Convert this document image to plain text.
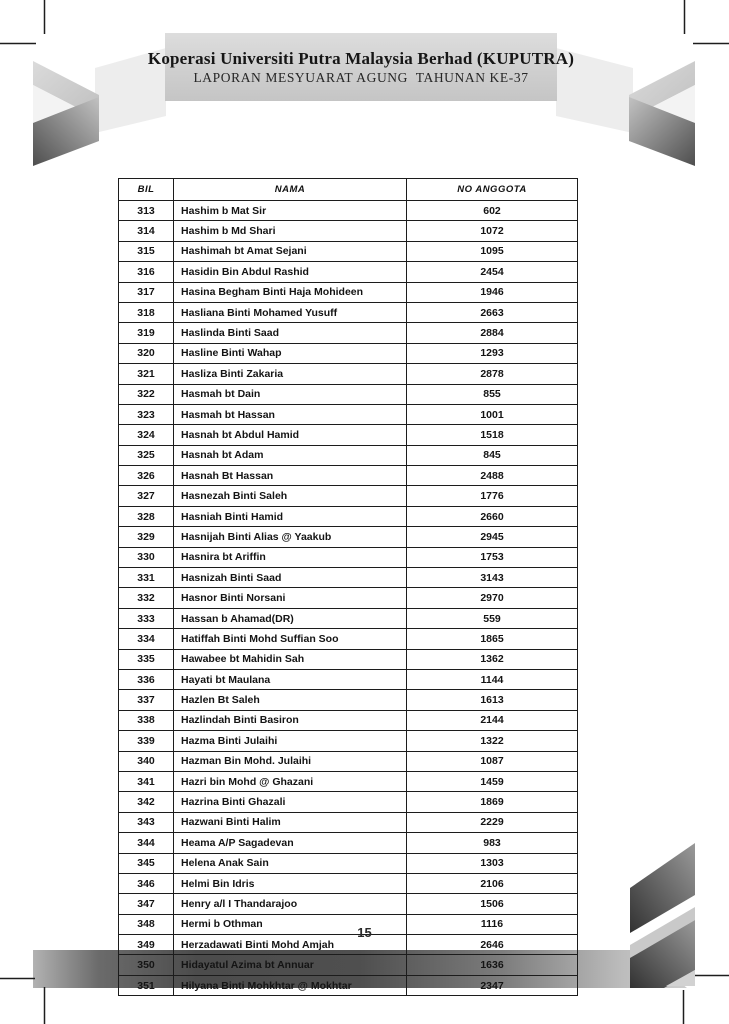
Koperasi Universiti Putra Malaysia Berhad (KUPUTRA)
LAPORAN MESYUARAT AGUNG  TAHUNAN KE-37
BIL	NAMA	NO ANGGOTA
313	Hashim b Mat Sir	602
314	Hashim b Md Shari	1072
315	Hashimah bt Amat Sejani	1095
316	Hasidin Bin Abdul Rashid	2454
317	Hasina Begham Binti Haja Mohideen	1946
318	Hasliana Binti Mohamed Yusuff	2663
319	Haslinda Binti Saad	2884
320	Hasline Binti Wahap	1293
321	Hasliza Binti Zakaria	2878
322	Hasmah bt Dain	855
323	Hasmah bt Hassan	1001
324	Hasnah bt Abdul Hamid	1518
325	Hasnah bt Adam	845
326	Hasnah Bt Hassan	2488
327	Hasnezah Binti Saleh	1776
328	Hasniah Binti Hamid	2660
329	Hasnijah Binti Alias @ Yaakub	2945
330	Hasnira bt Ariffin	1753
331	Hasnizah Binti Saad	3143
332	Hasnor Binti Norsani	2970
333	Hassan b Ahamad(DR)	559
334	Hatiffah Binti Mohd Suffian Soo	1865
335	Hawabee bt Mahidin Sah	1362
336	Hayati bt Maulana	1144
337	Hazlen Bt Saleh	1613
338	Hazlindah Binti Basiron	2144
339	Hazma Binti Julaihi	1322
340	Hazman Bin Mohd. Julaihi	1087
341	Hazri bin Mohd @ Ghazani	1459
342	Hazrina Binti Ghazali	1869
343	Hazwani Binti Halim	2229
344	Heama A/P Sagadevan	983
345	Helena Anak Sain	1303
346	Helmi Bin Idris	2106
347	Henry a/l I Thandarajoo	1506
348	Hermi b Othman	1116
349	Herzadawati Binti Mohd Amjah	2646
350	Hidayatul Azima bt Annuar	1636
351	Hilyana Binti Mohkhtar @ Mokhtar	2347
15
